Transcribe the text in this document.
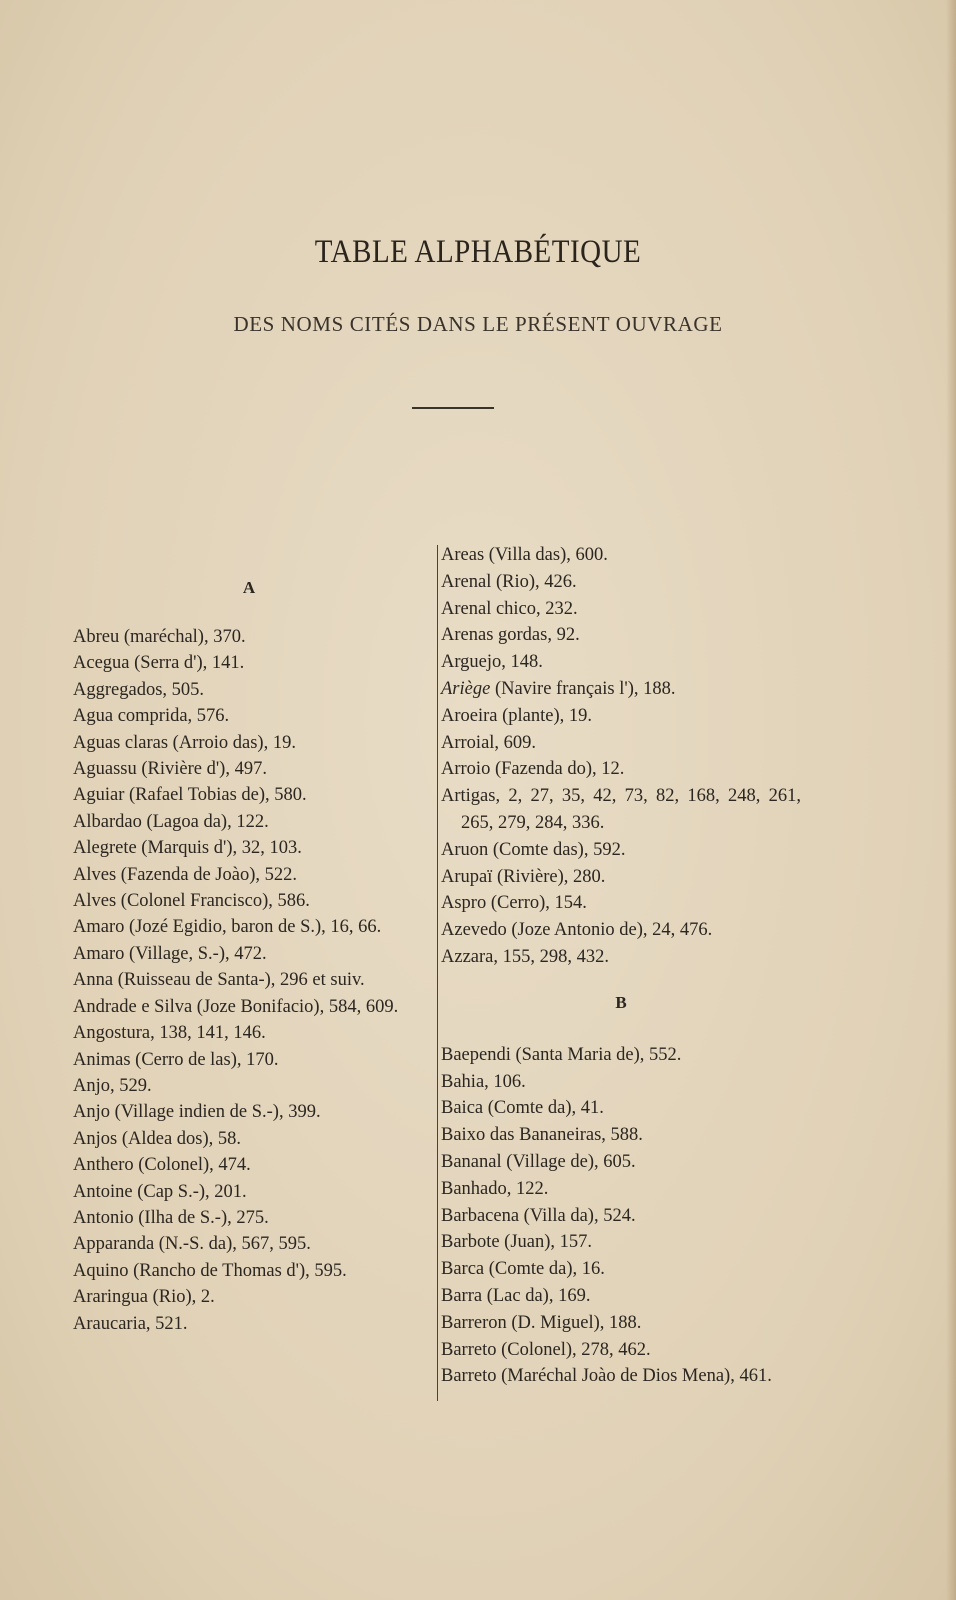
TABLE ALPHABÉTIQUE
DES NOMS CITÉS DANS LE PRÉSENT OUVRAGE
A
Abreu (maréchal), 370.
Acegua (Serra d'), 141.
Aggregados, 505.
Agua comprida, 576.
Aguas claras (Arroio das), 19.
Aguassu (Rivière d'), 497.
Aguiar (Rafael Tobias de), 580.
Albardao (Lagoa da), 122.
Alegrete (Marquis d'), 32, 103.
Alves (Fazenda de Joào), 522.
Alves (Colonel Francisco), 586.
Amaro (Jozé Egidio, baron de S.), 16, 66.
Amaro (Village, S.-), 472.
Anna (Ruisseau de Santa-), 296 et suiv.
Andrade e Silva (Joze Bonifacio), 584, 609.
Angostura, 138, 141, 146.
Animas (Cerro de las), 170.
Anjo, 529.
Anjo (Village indien de S.-), 399.
Anjos (Aldea dos), 58.
Anthero (Colonel), 474.
Antoine (Cap S.-), 201.
Antonio (Ilha de S.-), 275.
Apparanda (N.-S. da), 567, 595.
Aquino (Rancho de Thomas d'), 595.
Araringua (Rio), 2.
Araucaria, 521.
Areas (Villa das), 600.
Arenal (Rio), 426.
Arenal chico, 232.
Arenas gordas, 92.
Arguejo, 148.
Ariège (Navire français l'), 188.
Aroeira (plante), 19.
Arroial, 609.
Arroio (Fazenda do), 12.
Artigas, 2, 27, 35, 42, 73, 82, 168, 248, 261, 265, 279, 284, 336.
Aruon (Comte das), 592.
Arupaï (Rivière), 280.
Aspro (Cerro), 154.
Azevedo (Joze Antonio de), 24, 476.
Azzara, 155, 298, 432.
B
Baependi (Santa Maria de), 552.
Bahia, 106.
Baica (Comte da), 41.
Baixo das Bananeiras, 588.
Bananal (Village de), 605.
Banhado, 122.
Barbacena (Villa da), 524.
Barbote (Juan), 157.
Barca (Comte da), 16.
Barra (Lac da), 169.
Barreron (D. Miguel), 188.
Barreto (Colonel), 278, 462.
Barreto (Maréchal Joào de Dios Mena), 461.
